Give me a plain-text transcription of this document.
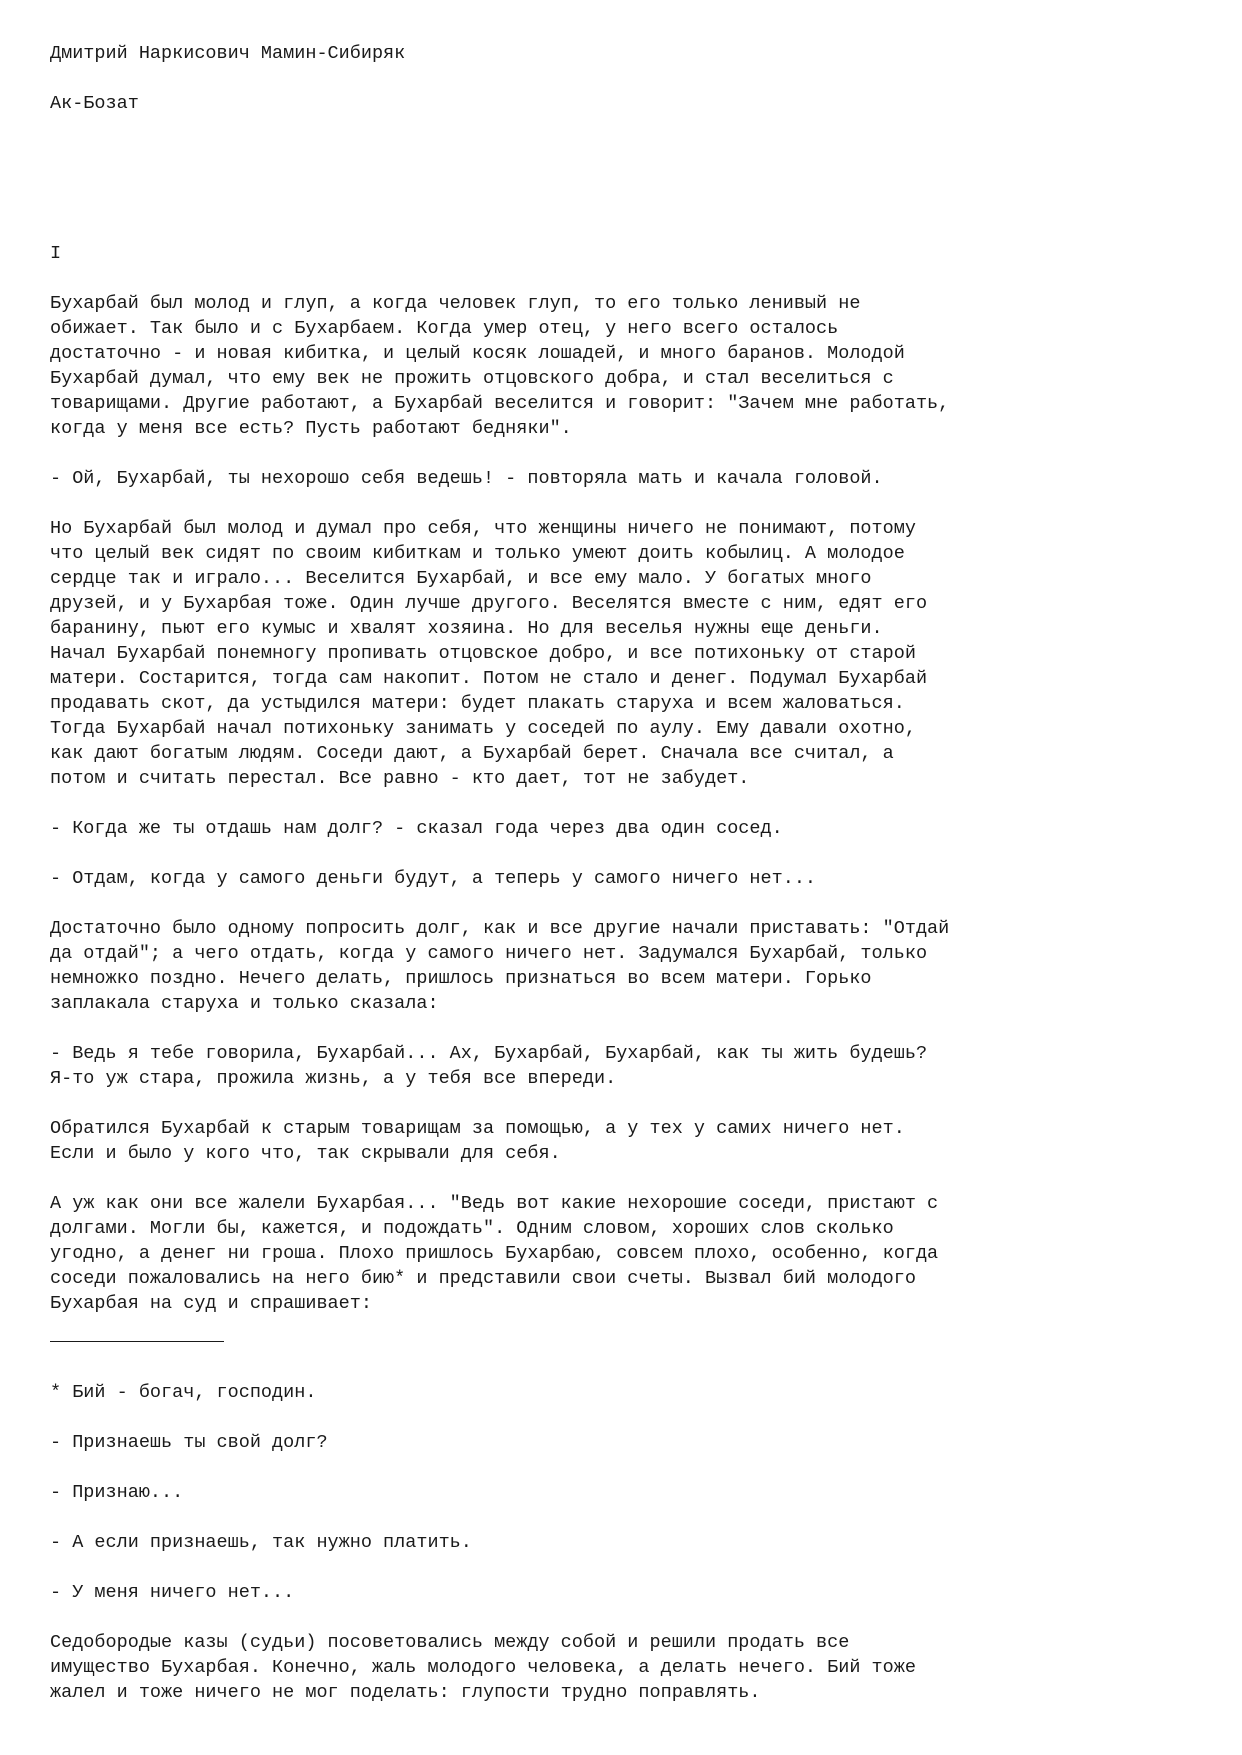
Дмитрий Наркисович Мамин-Сибиряк
Ак-Бозат
I
Бухарбай был молод и глуп, а когда человек глуп, то его только ленивый не
обижает. Так было и с Бухарбаем. Когда умер отец, у него всего осталось
достаточно - и новая кибитка, и целый косяк лошадей, и много баранов. Молодой
Бухарбай думал, что ему век не прожить отцовского добра, и стал веселиться с
товарищами. Другие работают, а Бухарбай веселится и говорит: "Зачем мне работать,
когда у меня все есть? Пусть работают бедняки".
- Ой, Бухарбай, ты нехорошо себя ведешь! - повторяла мать и качала головой.
Но Бухарбай был молод и думал про себя, что женщины ничего не понимают, потому
что целый век сидят по своим кибиткам и только умеют доить кобылиц. А молодое
сердце так и играло... Веселится Бухарбай, и все ему мало. У богатых много
друзей, и у Бухарбая тоже. Один лучше другого. Веселятся вместе с ним, едят его
баранину, пьют его кумыс и хвалят хозяина. Но для веселья нужны еще деньги.
Начал Бухарбай понемногу пропивать отцовское добро, и все потихоньку от старой
матери. Состарится, тогда сам накопит. Потом не стало и денег. Подумал Бухарбай
продавать скот, да устыдился матери: будет плакать старуха и всем жаловаться.
Тогда Бухарбай начал потихоньку занимать у соседей по аулу. Ему давали охотно,
как дают богатым людям. Соседи дают, а Бухарбай берет. Сначала все считал, а
потом и считать перестал. Все равно - кто дает, тот не забудет.
- Когда же ты отдашь нам долг? - сказал года через два один сосед.
- Отдам, когда у самого деньги будут, а теперь у самого ничего нет...
Достаточно было одному попросить долг, как и все другие начали приставать: "Отдай
да отдай"; а чего отдать, когда у самого ничего нет. Задумался Бухарбай, только
немножко поздно. Нечего делать, пришлось признаться во всем матери. Горько
заплакала старуха и только сказала:
- Ведь я тебе говорила, Бухарбай... Ах, Бухарбай, Бухарбай, как ты жить будешь?
Я-то уж стара, прожила жизнь, а у тебя все впереди.
Обратился Бухарбай к старым товарищам за помощью, а у тех у самих ничего нет.
Если и было у кого что, так скрывали для себя.
А уж как они все жалели Бухарбая... "Ведь вот какие нехорошие соседи, пристают с
долгами. Могли бы, кажется, и подождать". Одним словом, хороших слов сколько
угодно, а денег ни гроша. Плохо пришлось Бухарбаю, совсем плохо, особенно, когда
соседи пожаловались на него бию* и представили свои счеты. Вызвал бий молодого
Бухарбая на суд и спрашивает:
* Бий - богач, господин.
- Признаешь ты свой долг?
- Признаю...
- А если признаешь, так нужно платить.
- У меня ничего нет...
Седобородые казы (судьи) посоветовались между собой и решили продать все
имущество Бухарбая. Конечно, жаль молодого человека, а делать нечего. Бий тоже
жалел и тоже ничего не мог поделать: глупости трудно поправлять.
